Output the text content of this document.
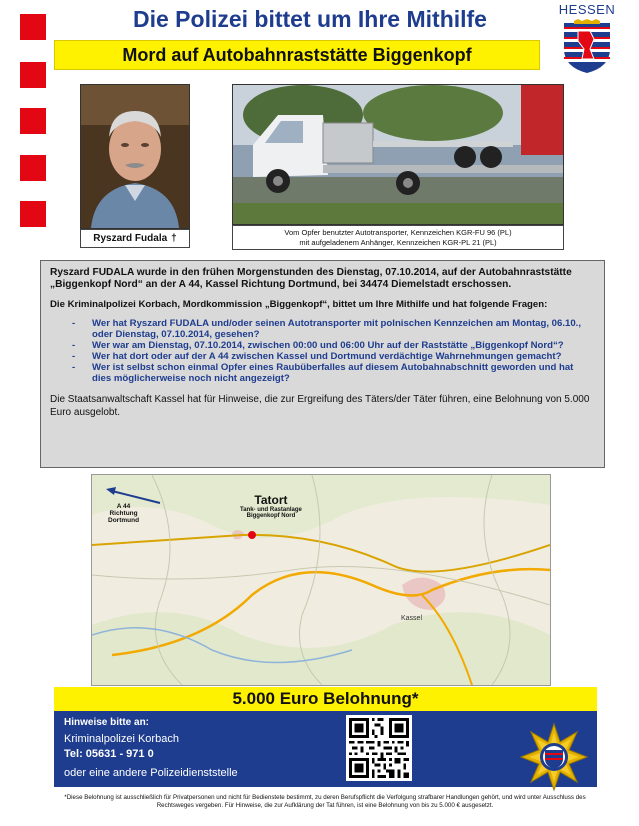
Die Polizei bittet um Ihre Mithilfe
Mord auf Autobahnraststätte Biggenkopf
HESSEN
Ryszard Fudala †
Vom Opfer benutzter Autotransporter, Kennzeichen KGR-FU 96 (PL)
mit aufgeladenem Anhänger, Kennzeichen KGR-PL 21 (PL)

Ryszard FUDALA wurde in den frühen Morgenstunden des Dienstag, 07.10.2014, auf der Autobahnraststätte „Biggenkopf Nord“ an der A 44, Kassel Richtung Dortmund, bei 34474 Diemelstadt erschossen.

Die Kriminalpolizei Korbach, Mordkommission „Biggenkopf“, bittet um Ihre Mithilfe und hat folgende Fragen:

- Wer hat Ryszard FUDALA und/oder seinen Autotransporter mit polnischen Kennzeichen am Montag, 06.10., oder Dienstag, 07.10.2014, gesehen?
- Wer war am Dienstag, 07.10.2014, zwischen 00:00 und 06:00 Uhr auf der Raststätte „Biggenkopf Nord“?
- Wer hat dort oder auf der A 44 zwischen Kassel und Dortmund verdächtige Wahrnehmungen gemacht?
- Wer ist selbst schon einmal Opfer eines Raubüberfalles auf diesem Autobahnabschnitt geworden und hat dies möglicherweise noch nicht angezeigt?

Die Staatsanwaltschaft Kassel hat für Hinweise, die zur Ergreifung des Täters/der Täter führen, eine Belohnung von 5.000 Euro ausgelobt.

A 44
Richtung
Dortmund
Tatort
Tank- und Rastanlage
Biggenkopf Nord
Kassel
5.000 Euro Belohnung*
Hinweise bitte an:
Kriminalpolizei Korbach
Tel: 05631 - 971 0
oder eine andere Polizeidienststelle
*Diese Belohnung ist ausschließlich für Privatpersonen und nicht für Bedienstete bestimmt, zu deren Berufspflicht die Verfolgung strafbarer Handlungen gehört, und wird unter Ausschluss des Rechtsweges vergeben. Für Hinweise, die zur Aufklärung der Tat führen, ist eine Belohnung von bis zu 5.000 € ausgesetzt.
